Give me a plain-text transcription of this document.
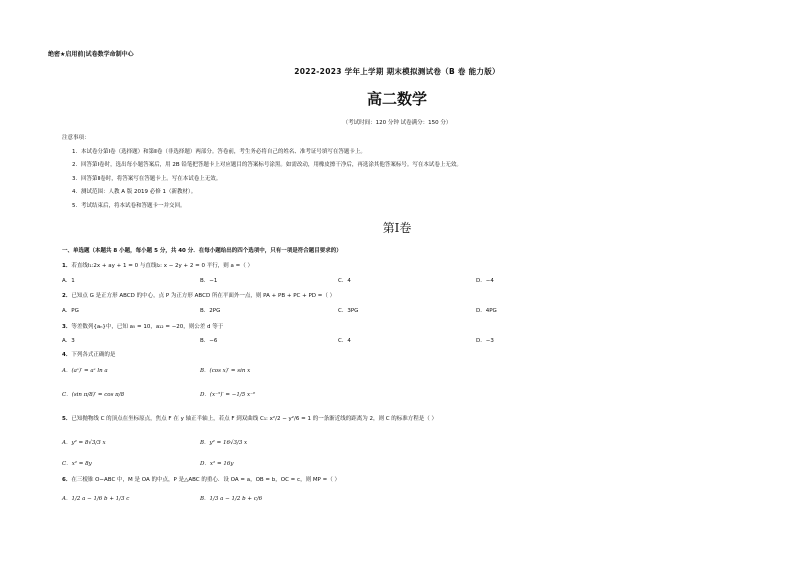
绝密★启用前|试卷数学命制中心
2022-2023 学年上学期 期末模拟测试卷（B 卷 能力版）
高二数学
（考试时间：120 分钟 试卷满分：150 分）
注意事项：
1．本试卷分第Ⅰ卷（选择题）和第Ⅱ卷（非选择题）两部分。答卷前，考生务必将自己的姓名、准考证号填写在答题卡上。
2．回答第Ⅰ卷时，选出每小题答案后，用 2B 铅笔把答题卡上对应题目的答案标号涂黑。如需改动，用橡皮擦干净后，再选涂其他答案标号。写在本试卷上无效。
3．回答第Ⅱ卷时，将答案写在答题卡上。写在本试卷上无效。
4．测试范围：人教 A 版 2019 必修 1（新教材）。
5．考试结束后，将本试卷和答题卡一并交回。
第Ⅰ卷
一、单选题（本题共 8 小题，每小题 5 分，共 40 分．在每小题给出的四个选项中，只有一项是符合题目要求的）
1．若直线l₁:2x + ay + 1 = 0 与直线l₂: x − 2y + 2 = 0 平行，则 a =（ ）
A．1	B．−1	C．4	D．−4
2．已知点 G 是正方形 ABCD 的中心，点 P 为正方形 ABCD 所在平面外一点，则 PA + PB + PC + PD =（ ）
A．PG	B．2PG	C．3PG	D．4PG
3．等差数列{aₙ}中，已知 a₅ = 10，a₁₂ = −20，则公差 d 等于
A．3	B．−6	C．4	D．−3
4．下列各式正确的是
A．(aˣ)′ = aˣ ln a	B．(cos x)′ = sin x
C．(sin π/8)′ = cos π/8	D．(x⁻⁵)′ = −1/5 x⁻⁶
5．已知抛物线 C 的顶点在坐标原点，焦点 F 在 y 轴正半轴上，若点 F 到双曲线 C₁: x²/2 − y²/6 = 1 的一条渐近线的距离为 2，则 C 的标准方程是（ ）
A．y² = 8√3/3 x	B．y² = 16√3/3 x
C．x² = 8y	D．x² = 16y
6．在三棱锥 O−ABC 中，M 是 OA 的中点，P 是△ABC 的重心．设 OA = a，OB = b，OC = c，则 MP =（ ）
A．1/2 a − 1/6 b + 1/3 c	B．1/3 a − 1/2 b + c/6
